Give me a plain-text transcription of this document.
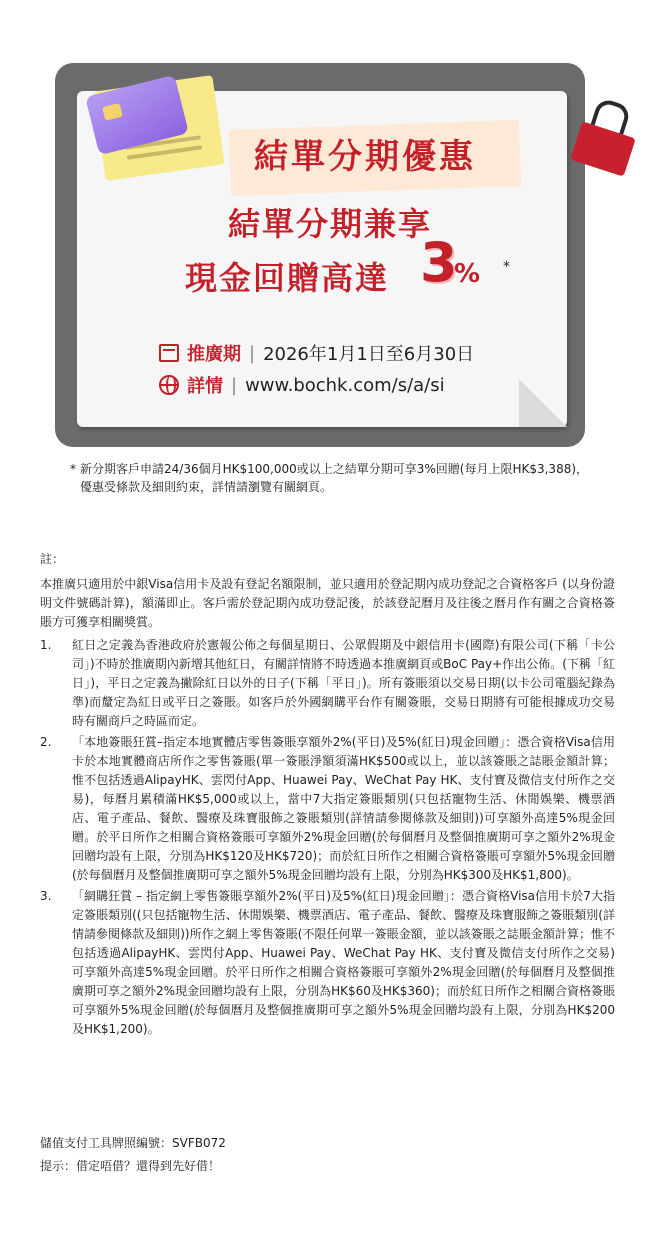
結單分期優惠
結單分期兼享
現金回贈高達 3
% *
推廣期 | 2026年1月1日至6月30日
詳情 | www.bochk.com/s/a/si
* 新分期客戶申請24/36個月HK$100,000或以上之結單分期可享3%回贈(每月上限HK$3,388)，優惠受條款及細則約束，詳情請瀏覽有關網頁。
註：
本推廣只適用於中銀Visa信用卡及設有登記名額限制，並只適用於登記期內成功登記之合資格客戶 (以身份證明文件號碼計算)，額滿即止。客戶需於登記期內成功登記後，於該登記曆月及往後之曆月作有關之合資格簽賬方可獲享相關獎賞。
1. 紅日之定義為香港政府於憲報公佈之每個星期日、公眾假期及中銀信用卡(國際)有限公司(下稱「卡公司」)不時於推廣期內新增其他紅日，有關詳情將不時透過本推廣網頁或BoC Pay+作出公佈。(下稱「紅日」)，平日之定義為撇除紅日以外的日子(下稱「平日」)。所有簽賬須以交易日期(以卡公司電腦紀錄為準)而釐定為紅日或平日之簽賬。如客戶於外國網購平台作有關簽賬，交易日期將有可能根據成功交易時有關商戶之時區而定。
2. 「本地簽賬狂賞–指定本地實體店零售簽賬享額外2%(平日)及5%(紅日)現金回贈」：憑合資格Visa信用卡於本地實體商店所作之零售簽賬(單一簽賬淨額須滿HK$500或以上，並以該簽賬之誌賬金額計算；惟不包括透過AlipayHK、雲閃付App、Huawei Pay、WeChat Pay HK、支付寶及微信支付所作之交易)，每曆月累積滿HK$5,000或以上，當中7大指定簽賬類別(只包括寵物生活、休閒娛樂、機票酒店、電子產品、餐飲、醫療及珠寶服飾之簽賬類別(詳情請參閱條款及細則))可享額外高達5%現金回贈。於平日所作之相關合資格簽賬可享額外2%現金回贈(於每個曆月及整個推廣期可享之額外2%現金回贈均設有上限，分別為HK$120及HK$720)；而於紅日所作之相關合資格簽賬可享額外5%現金回贈(於每個曆月及整個推廣期可享之額外5%現金回贈均設有上限，分別為HK$300及HK$1,800)。
3. 「網購狂賞 – 指定網上零售簽賬享額外2%(平日)及5%(紅日)現金回贈」：憑合資格Visa信用卡於7大指定簽賬類別((只包括寵物生活、休閒娛樂、機票酒店、電子產品、餐飲、醫療及珠寶服飾之簽賬類別(詳情請參閱條款及細則))所作之網上零售簽賬(不限任何單一簽賬金額，並以該簽賬之誌賬金額計算；惟不包括透過AlipayHK、雲閃付App、Huawei Pay、WeChat Pay HK、支付寶及微信支付所作之交易)可享額外高達5%現金回贈。於平日所作之相關合資格簽賬可享額外2%現金回贈(於每個曆月及整個推廣期可享之額外2%現金回贈均設有上限，分別為HK$60及HK$360)；而於紅日所作之相關合資格簽賬可享額外5%現金回贈(於每個曆月及整個推廣期可享之額外5%現金回贈均設有上限，分別為HK$200及HK$1,200)。
儲值支付工具牌照編號：SVFB072
提示：借定唔借？還得到先好借！
